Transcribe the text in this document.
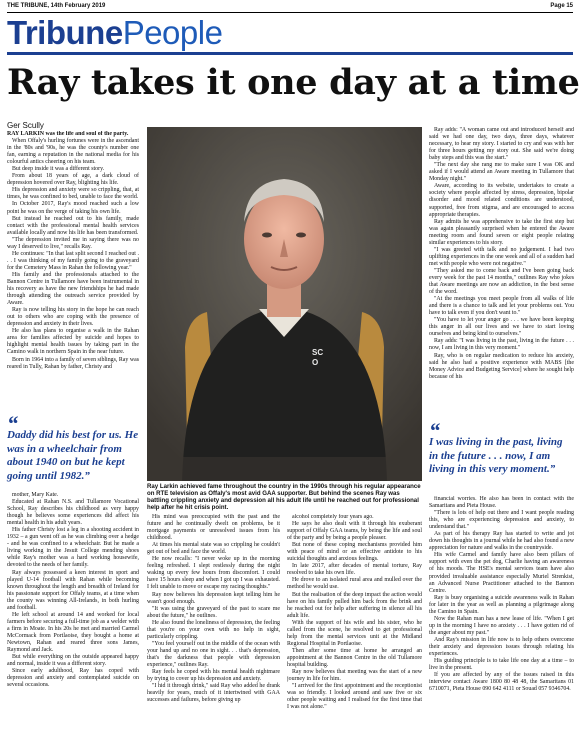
THE TRIBUNE, 14th February 2019	Page 15
TribunePeople
Ray takes it one day at a time
Ger Scully

RAY LARKIN was the life and soul of the party.

When Offaly's hurling fortunes were in the ascendant in the '80s and '90s, he was the county's number one fan, earning a reputation in the national media for his colourful antics cheering on his team.

But deep inside it was a different story.

From about 18 years of age, a dark cloud of depression hovered over Ray, blighting his life.

His depression and anxiety were so crippling, that, at times, he was confined to bed, unable to face the world.

In October 2017, Ray's mood reached such a low point he was on the verge of taking his own life.

But instead he reached out to his family, made contact with the professional mental health services available locally and now his life has been transformed.

"The depression invited me in saying there was no way I deserved to live," recalls Ray.

He continues: "In that last split second I reached out . . . I was thinking of my family going to the graveyard for the Cemetery Mass in Rahan the following year."

His family and the professionals attached to the Bannon Centre in Tullamore have been instrumental in his recovery as have the new friendships he had made through attending the outreach service provided by Aware.

Ray is now telling his story in the hope he can reach out to others who are coping with the presence of depression and anxiety in their lives.

He also has plans to organise a walk in the Rahan area for families affected by suicide and hopes to highlight mental health issues by taking part in the Camino walk in northern Spain in the near future.

Born in 1964 into a family of seven siblings, Ray was reared in Tully, Rahan by father, Christy and

“
Daddy did his best for us. He was in a wheelchair from about 1940 on but he kept going until 1982.”

mother, Mary Kate.

Educated at Rahan N.S. and Tullamore Vocational School, Ray describes his childhood as very happy though he believes some experiences did affect his mental health in his adult years.

His father Christy lost a leg in a shooting accident in 1932 – a gun went off as he was climbing over a hedge - and he was confined to a wheelchair. But he made a living working in the Jesuit College mending shoes while Ray's mother was a hard working housewife, devoted to the needs of her family.

Ray always possessed a keen interest in sport and played U-14 football with Rahan while becoming known throughout the length and breadth of Ireland for his passionate support for Offaly teams, at a time when the county was winning All-Irelands, in both hurling and football.

He left school at around 14 and worked for local farmers before securing a full-time job as a welder with a firm in Moate. In his 20s he met and married Carmel McCormack from Portlaoise, they bought a home at Newtown, Rahan and reared three sons James, Raymond and Jack.

But while everything on the outside appeared happy and normal, inside it was a different story.

Since early adulthood, Ray has coped with depression and anxiety and contemplated suicide on several occasions.

SC
O
Ray Larkin achieved fame throughout the country in the 1990s through his regular appearance on RTE television as Offaly's most avid GAA supporter. But behind the scenes Ray was battling crippling anxiety and depression all his adult life until he reached out for professional help after he hit crisis point.

His mind was preoccupied with the past and the future and he continually dwelt on problems, be it mortgage payments or unresolved issues from his childhood.

At times his mental state was so crippling he couldn't get out of bed and face the world.

He now recalls: "I never woke up in the morning feeling refreshed. I slept restlessly during the night waking up every few hours from discomfort. I could have 15 hours sleep and when I got up I was exhausted. I felt unable to move or escape my racing thoughts."

Ray now believes his depression kept telling him he wasn't good enough.

"It was using the graveyard of the past to scare me about the future," he outlines.

He also found the loneliness of depression, the feeling that you're on your own with no help in sight, particularly crippling.

"You feel yourself out in the middle of the ocean with your hand up and no one in sight. . . that's depression, that's the darkness that people with depression experience," outlines Ray.

Ray feels he coped with his mental health nightmare by trying to cover up his depression and anxiety.

"I hid it through drink," said Ray who added he drank heavily for years, much of it intertwined with GAA successes and failures, before giving up

alcohol completely four years ago.

He says he also dealt with it through his exuberant support of Offaly GAA teams, by being the life and soul of the party and by being a people pleaser.

But none of these coping mechanisms provided him with peace of mind or an effective antidote to his suicidal thoughts and anxious feelings.

In late 2017, after decades of mental torture, Ray resolved to take his own life.

He drove to an isolated rural area and mulled over the method he would use.

But the realisation of the deep impact the action would have on his family pulled him back from the brink and he reached out for help after suffering in silence all his adult life.

With the support of his wife and his sister, who he called from the scene, he resolved to get professional help from the mental services unit at the Midland Regional Hospital in Portlaoise.

Then after some time at home he arranged an appointment at the Bannon Centre in the old Tullamore hospital building.

Ray now believes that meeting was the start of a new journey in life for him.

"I arrived for the first appointment and the receptionist was so friendly. I looked around and saw five or six other people waiting and I realised for the first time that I was not alone."

Ray adds: "A woman came out and introduced herself and said we had one day, two days, three days, whatever necessary, to hear my story. I started to cry and was with her for three hours getting my story out. She said we're doing baby steps and this was the start."

"The next day she rang me to make sure I was OK and asked if I would attend an Aware meeting in Tullamore that Monday night."

Aware, according to its website, undertakes to create a society where people affected by stress, depression, bipolar disorder and mood related conditions are understood, supported, free from stigma, and are encouraged to access appropriate therapies.

Ray admits he was apprehensive to take the first step but was again pleasantly surprised when he entered the Aware meeting room and found seven or eight people relating similar experiences to his story.

"I was greeted with talk and no judgement. I had two uplifting experiences in the one week and all of a sudden had met with people who were not negative."

"They asked me to come back and I've been going back every week for the past 14 months," outlines Ray who jokes that Aware meetings are now an addiction, in the best sense of the word.

"At the meetings you meet people from all walks of life and there is a chance to talk and let your problems out. You have to talk even if you don't want to."

"You have to let your anger go . . . we have been keeping this anger in all our lives and we have to start loving ourselves and being kind to ourselves."

Ray adds: "I was living in the past, living in the future . . . now, I am living in this very moment."

Ray, who is on regular medication to reduce his anxiety, said he also had a positive experience with MABS [the Money Advice and Budgeting Service] where he sought help because of his

“
I was living in the past, living in the future . . . now, I am living in this very moment.”

financial worries. He also has been in contact with the Samaritans and Pieta House.

"There is lots of help out there and I want people reading this, who are experiencing depression and anxiety, to understand that."

As part of his therapy Ray has started to write and jot down his thoughts in a journal while he had also found a new appreciation for nature and walks in the countryside.

His wife Carmel and family have also been pillars of support with even the pet dog, Charlie having an awareness of his moods. The HSE's mental services team have also provided invaluable assistance especially Muriel Strenkist, an Advanced Nurse Practitioner attached to the Bannon Centre.

Ray is busy organising a suicide awareness walk in Rahan for later in the year as well as planning a pilgrimage along the Camino in Spain.

Now the Rahan man has a new lease of life. "When I get up in the morning I have no anxiety . . . I have gotten rid of the anger about my past."

And Ray's mission in life now is to help others overcome their anxiety and depression issues through relating his experiences.

His guiding principle is to take life one day at a time – to live in the present.

If you are affected by any of the issues raised in this interview contact Aware 1800 80 48 48, the Samaritans 01 6710071, Pieta House 090 642 4111 or Souad 057 9346704.
